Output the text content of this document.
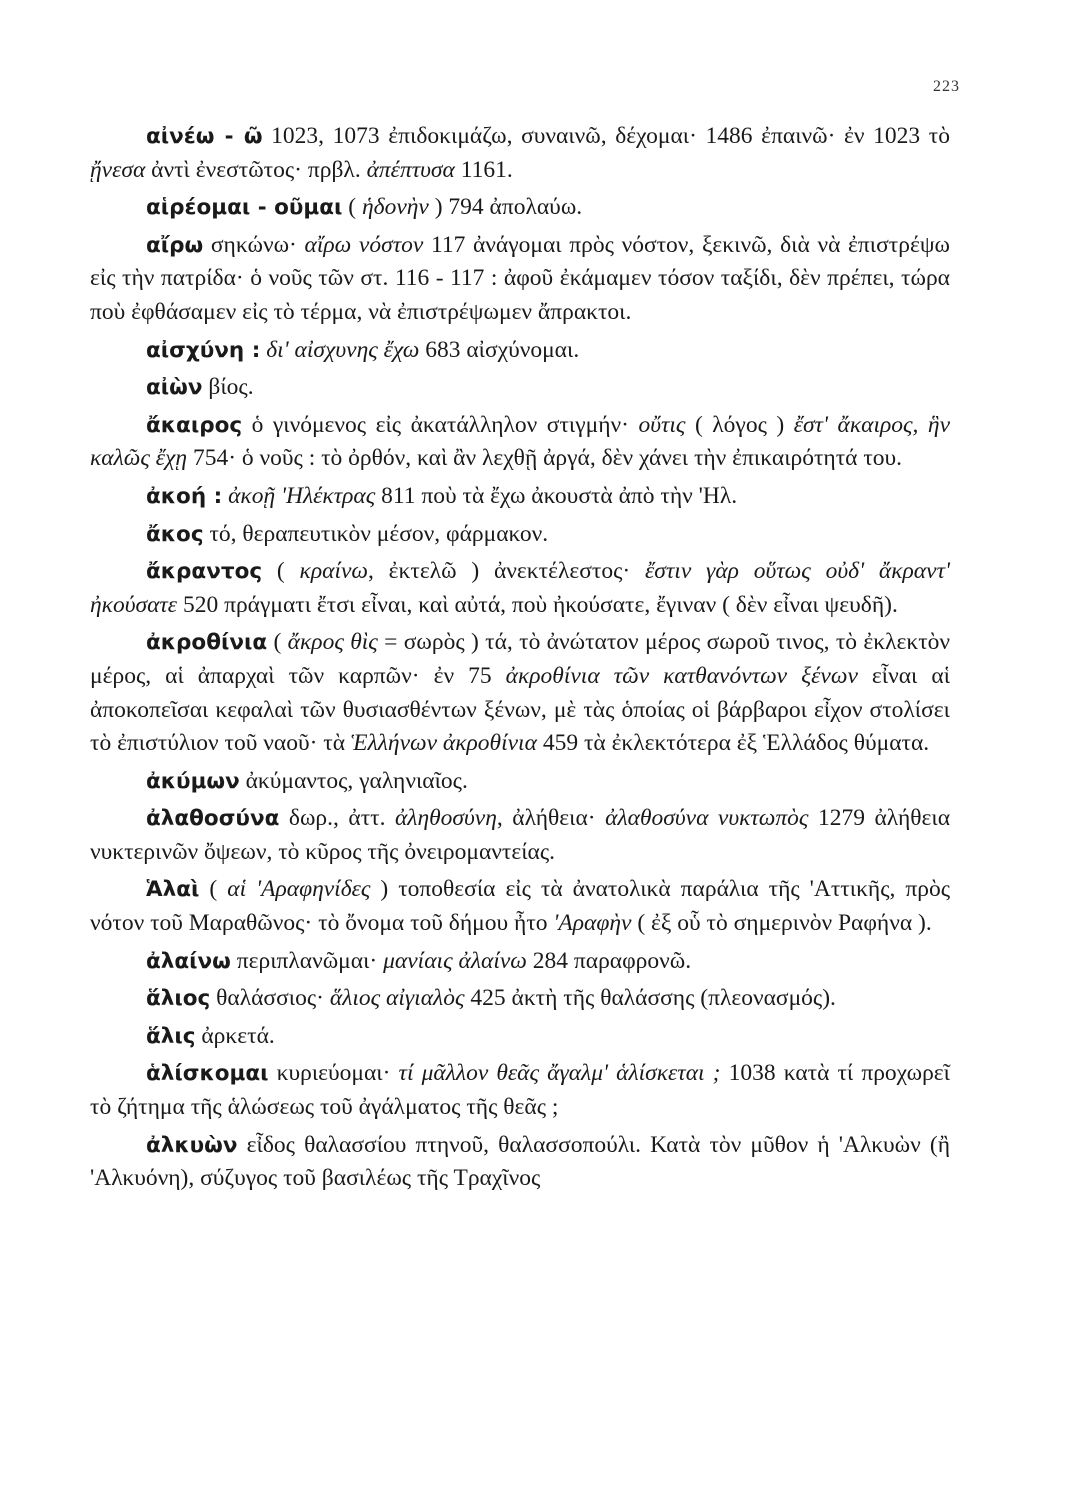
223

αἰνέω - ῶ 1023, 1073 ἐπιδοκιμάζω, συναινῶ, δέχομαι· 1486 ἐπαινῶ· ἐν 1023 τὸ ᾔνεσα ἀντὶ ἐνεστῶτος· πρβλ. ἀπέπτυσα 1161.

αἱρέομαι - οῦμαι ( ἡδονὴν ) 794 ἀπολαύω.

αἴρω σηκώνω· αἴρω νόστον 117 ἀνάγομαι πρὸς νόστον, ξεκινῶ, διὰ νὰ ἐπιστρέψω εἰς τὴν πατρίδα· ὁ νοῦς τῶν στ. 116 - 117 : ἀφοῦ ἐκάμαμεν τόσον ταξίδι, δὲν πρέπει, τώρα ποὺ ἐφθάσαμεν εἰς τὸ τέρμα, νὰ ἐπιστρέψωμεν ἄπρακτοι.

αἰσχύνη : δι' αἰσχυνης ἔχω 683 αἰσχύνομαι.

αἰὼν βίος.

ἄκαιρος ὁ γινόμενος εἰς ἀκατάλληλον στιγμήν· οὔτις ( λόγος ) ἔστ' ἄκαιρος, ἣν καλῶς ἔχῃ 754· ὁ νοῦς : τὸ ὀρθόν, καὶ ἂν λεχθῇ ἀργά, δὲν χάνει τὴν ἐπικαιρότητά του.

ἀκοή : ἀκοῇ 'Ηλέκτρας 811 ποὺ τὰ ἔχω ἀκουστὰ ἀπὸ τὴν 'Ηλ.

ἄκος τό, θεραπευτικὸν μέσον, φάρμακον.

ἄκραντος ( κραίνω, ἐκτελῶ ) ἀνεκτέλεστος· ἔστιν γὰρ οὕτως οὐδ' ἄκραντ' ἠκούσατε 520 πράγματι ἔτσι εἶναι, καὶ αὐτά, ποὺ ἠκούσατε, ἔγιναν ( δὲν εἶναι ψευδῆ).

ἀκροθίνια ( ἄκρος θὶς = σωρὸς ) τά, τὸ ἀνώτατον μέρος σωροῦ τινος, τὸ ἐκλεκτὸν μέρος, αἱ ἀπαρχαὶ τῶν καρπῶν· ἐν 75 ἀκροθίνια τῶν κατθανόντων ξένων εἶναι αἱ ἀποκοπεῖσαι κεφαλαὶ τῶν θυσιασθέντων ξένων, μὲ τὰς ὁποίας οἱ βάρβαροι εἶχον στολίσει τὸ ἐπιστύλιον τοῦ ναοῦ· τὰ Ἑλλήνων ἀκροθίνια 459 τὰ ἐκλεκτότερα ἐξ Ἑλλάδος θύματα.

ἀκύμων ἀκύμαντος, γαληνιαῖος.

ἀλαθοσύνα δωρ., ἀττ. ἀληθοσύνη, ἀλήθεια· ἀλαθοσύνα νυκτωπὸς 1279 ἀλήθεια νυκτερινῶν ὄψεων, τὸ κῦρος τῆς ὀνειρομαντείας.

Ἁλαὶ ( αἱ 'Αραφηνίδες ) τοποθεσία εἰς τὰ ἀνατολικὰ παράλια τῆς 'Αττικῆς, πρὸς νότον τοῦ Μαραθῶνος· τὸ ὄνομα τοῦ δήμου ἦτο 'Αραφὴν ( ἐξ οὗ τὸ σημερινὸν Ραφήνα ).

ἀλαίνω περιπλανῶμαι· μανίαις ἀλαίνω 284 παραφρονῶ.

ἅλιος θαλάσσιος· ἅλιος αἰγιαλὸς 425 ἀκτὴ τῆς θαλάσσης (πλεονασμός).

ἅλις ἀρκετά.

ἁλίσκομαι κυριεύομαι· τί μᾶλλον θεᾶς ἄγαλμ' ἁλίσκεται ; 1038 κατὰ τί προχωρεῖ τὸ ζήτημα τῆς ἁλώσεως τοῦ ἀγάλματος τῆς θεᾶς ;

ἀλκυὼν εἶδος θαλασσίου πτηνοῦ, θαλασσοπούλι. Κατὰ τὸν μῦθον ἡ 'Αλκυὼν (ἢ 'Αλκυόνη), σύζυγος τοῦ βασιλέως τῆς Τραχῖνος
